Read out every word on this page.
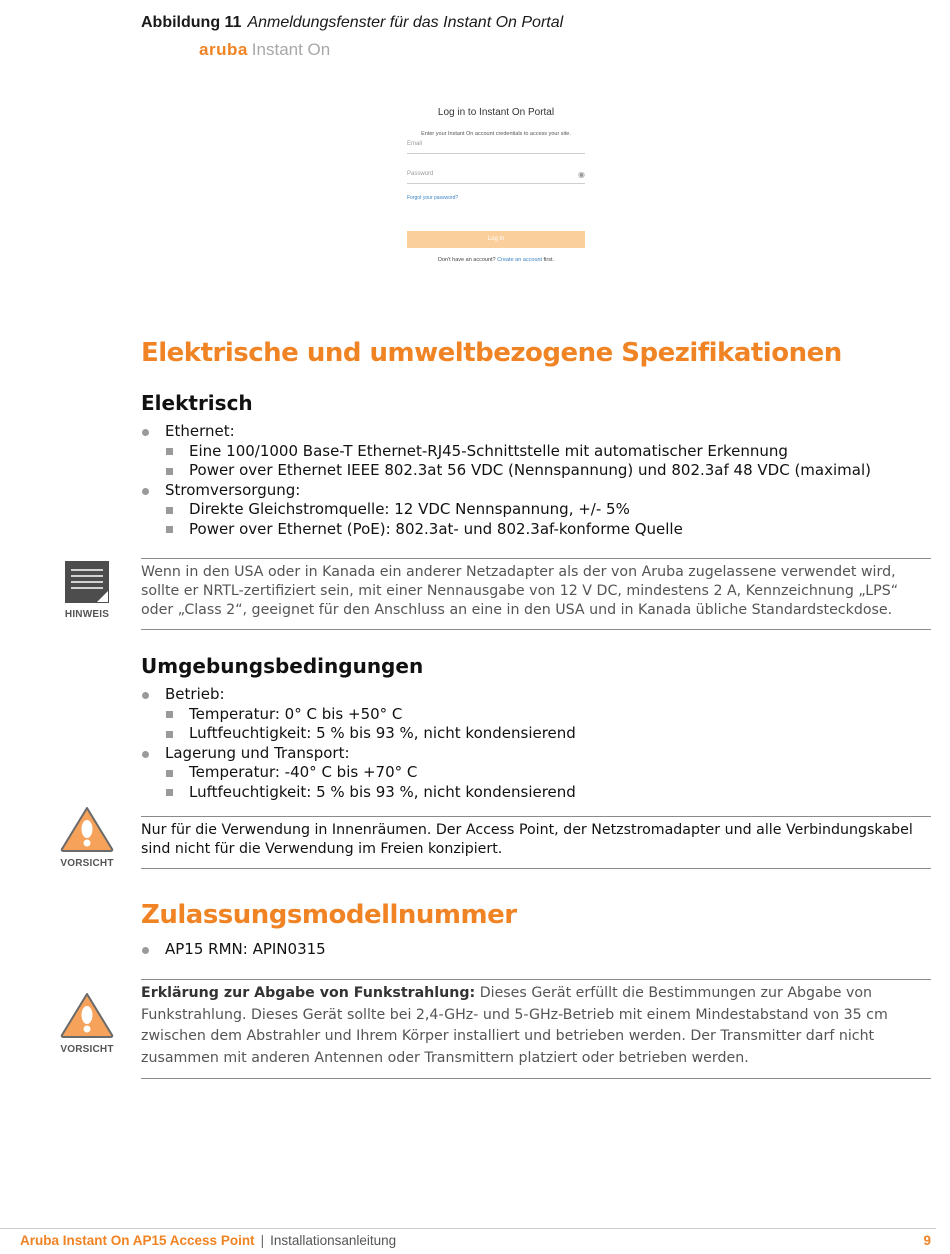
Abbildung 11 Anmeldungsfenster für das Instant On Portal
aruba Instant On
Log in to Instant On Portal
Enter your Instant On account credentials to access your site.
Email
Password	◉
Forgot your password?
Log in
Don't have an account? Create an account first.
Elektrische und umweltbezogene Spezifikationen
Elektrisch
Ethernet:
Eine 100/1000 Base-T Ethernet-RJ45-Schnittstelle mit automatischer Erkennung
Power over Ethernet IEEE 802.3at 56 VDC (Nennspannung) und 802.3af 48 VDC (maximal)
Stromversorgung:
Direkte Gleichstromquelle: 12 VDC Nennspannung, +/- 5%
Power over Ethernet (PoE): 802.3at- und 802.3af-konforme Quelle
HINWEIS
Wenn in den USA oder in Kanada ein anderer Netzadapter als der von Aruba zugelassene verwendet wird, sollte er NRTL-zertifiziert sein, mit einer Nennausgabe von 12 V DC, mindestens 2 A, Kennzeichnung „LPS“ oder „Class 2“, geeignet für den Anschluss an eine in den USA und in Kanada übliche Standardsteckdose.
Umgebungsbedingungen
Betrieb:
Temperatur: 0° C bis +50° C
Luftfeuchtigkeit: 5 % bis 93 %, nicht kondensierend
Lagerung und Transport:
Temperatur: -40° C bis +70° C
Luftfeuchtigkeit: 5 % bis 93 %, nicht kondensierend
VORSICHT
Nur für die Verwendung in Innenräumen. Der Access Point, der Netzstromadapter und alle Verbindungskabel sind nicht für die Verwendung im Freien konzipiert.
Zulassungsmodellnummer
AP15 RMN: APIN0315
VORSICHT
Erklärung zur Abgabe von Funkstrahlung: Dieses Gerät erfüllt die Bestimmungen zur Abgabe von Funkstrahlung. Dieses Gerät sollte bei 2,4-GHz- und 5-GHz-Betrieb mit einem Mindestabstand von 35 cm zwischen dem Abstrahler und Ihrem Körper installiert und betrieben werden. Der Transmitter darf nicht zusammen mit anderen Antennen oder Transmittern platziert oder betrieben werden.
Aruba Instant On AP15 Access Point | Installationsanleitung	9
